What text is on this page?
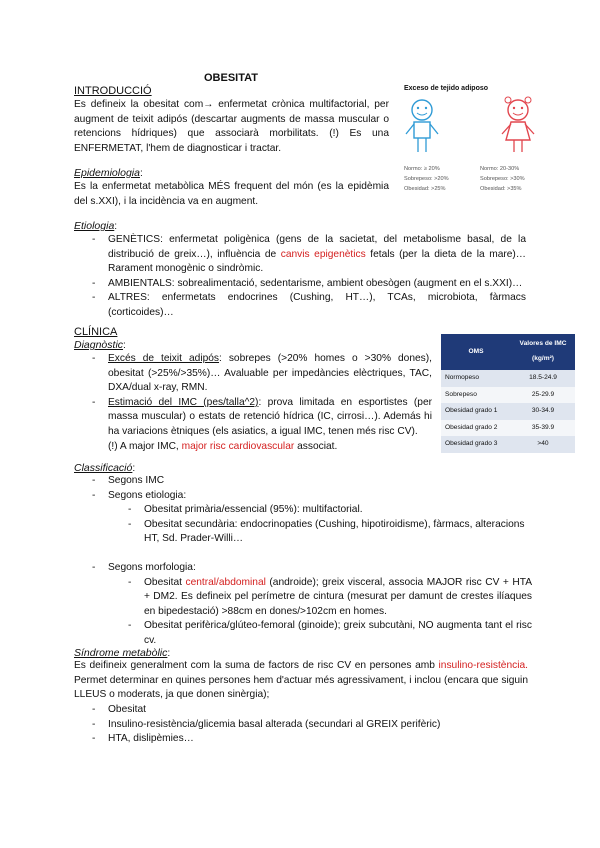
OBESITAT
INTRODUCCIÓ
Es defineix la obesitat com→ enfermetat crònica multifactorial, per augment de teixit adipós (descartar augments de massa muscular o retencions hídriques) que associarà morbilitats. (!) Es una ENFERMETAT, l'hem de diagnosticar i tractar.
Exceso de tejido adiposo
Normo: ≥ 20%
Sobrepeso: >20%
Obesidad: >25%
Normo: 20-30%
Sobrepeso: >30%
Obesidad: >35%
Epidemiologia:
Es la enfermetat metabòlica MÉS frequent del món (es la epidèmia del s.XXI), i la incidència va en augment.
Etiologia:
- GENÈTICS: enfermetat poligènica (gens de la sacietat, del metabolisme basal, de la distribució de greix…), influència de canvis epigenètics fetals (per la dieta de la mare)… Rarament monogènic o sindròmic.
- AMBIENTALS: sobrealimentació, sedentarisme, ambient obesògen (augment en el s.XXI)…
- ALTRES: enfermetats endocrines (Cushing, HT…), TCAs, microbiota, fàrmacs (corticoides)…
CLÍNICA
Diagnòstic:
- Excés de teixit adipós: sobrepes (>20% homes o >30% dones), obesitat (>25%/>35%)… Avaluable per impedàncies elèctriques, TAC, DXA/dual x-ray, RMN.
- Estimació del IMC (pes/talla^2): prova limitada en esportistes (per massa muscular) o estats de retenció hídrica (IC, cirrosi…). Además hi ha variacions ètniques (els asiatics, a igual IMC, tenen més risc CV).
(!) A major IMC, major risc cardiovascular associat.
OMS	Valores de IMC (kg/m²)
Normopeso	18.5-24.9
Sobrepeso	25-29.9
Obesidad grado 1	30-34.9
Obesidad grado 2	35-39.9
Obesidad grado 3	>40
Classificació:
- Segons IMC
- Segons etiologia:
- Obesitat primària/essencial (95%): multifactorial.
- Obesitat secundària: endocrinopaties (Cushing, hipotiroidisme), fàrmacs, alteracions HT, Sd. Prader-Willi…
- Segons morfologia:
- Obesitat central/abdominal (androide); greix visceral, associa MAJOR risc CV + HTA + DM2. Es defineix pel perímetre de cintura (mesurat per damunt de crestes ilíaques en bipedestació) >88cm en dones/>102cm en homes.
- Obesitat perifèrica/glúteo-femoral (ginoide); greix subcutàni, NO augmenta tant el risc cv.
Síndrome metabòlic:
Es deifineix generalment com la suma de factors de risc CV en persones amb insulino-resistència. Permet determinar en quines persones hem d'actuar més agressivament, i inclou (encara que siguin LLEUS o moderats, ja que donen sinèrgia);
- Obesitat
- Insulino-resistència/glicemia basal alterada (secundari al GREIX perifèric)
- HTA, dislipèmies…
